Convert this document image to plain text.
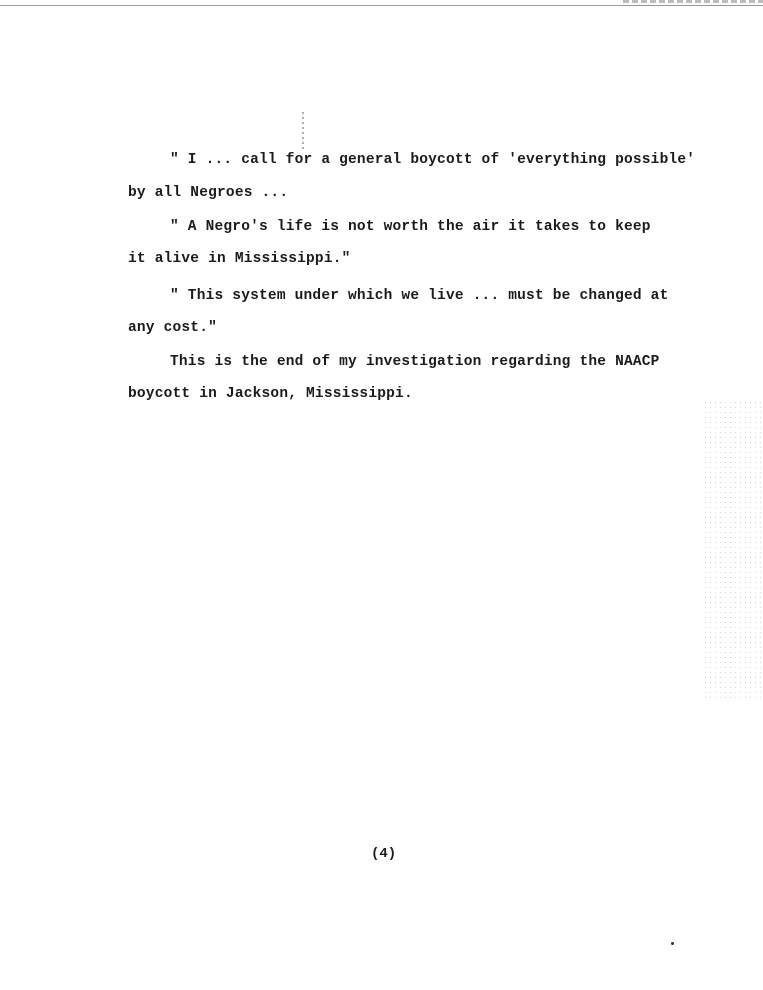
" I ... call for a general boycott of 'everything possible'
by all Negroes ...
" A Negro's life is not worth the air it takes to keep
it alive in Mississippi."
" This system under which we live ... must be changed at
any cost."
This is the end of my investigation regarding the NAACP
boycott in Jackson, Mississippi.
(4)
